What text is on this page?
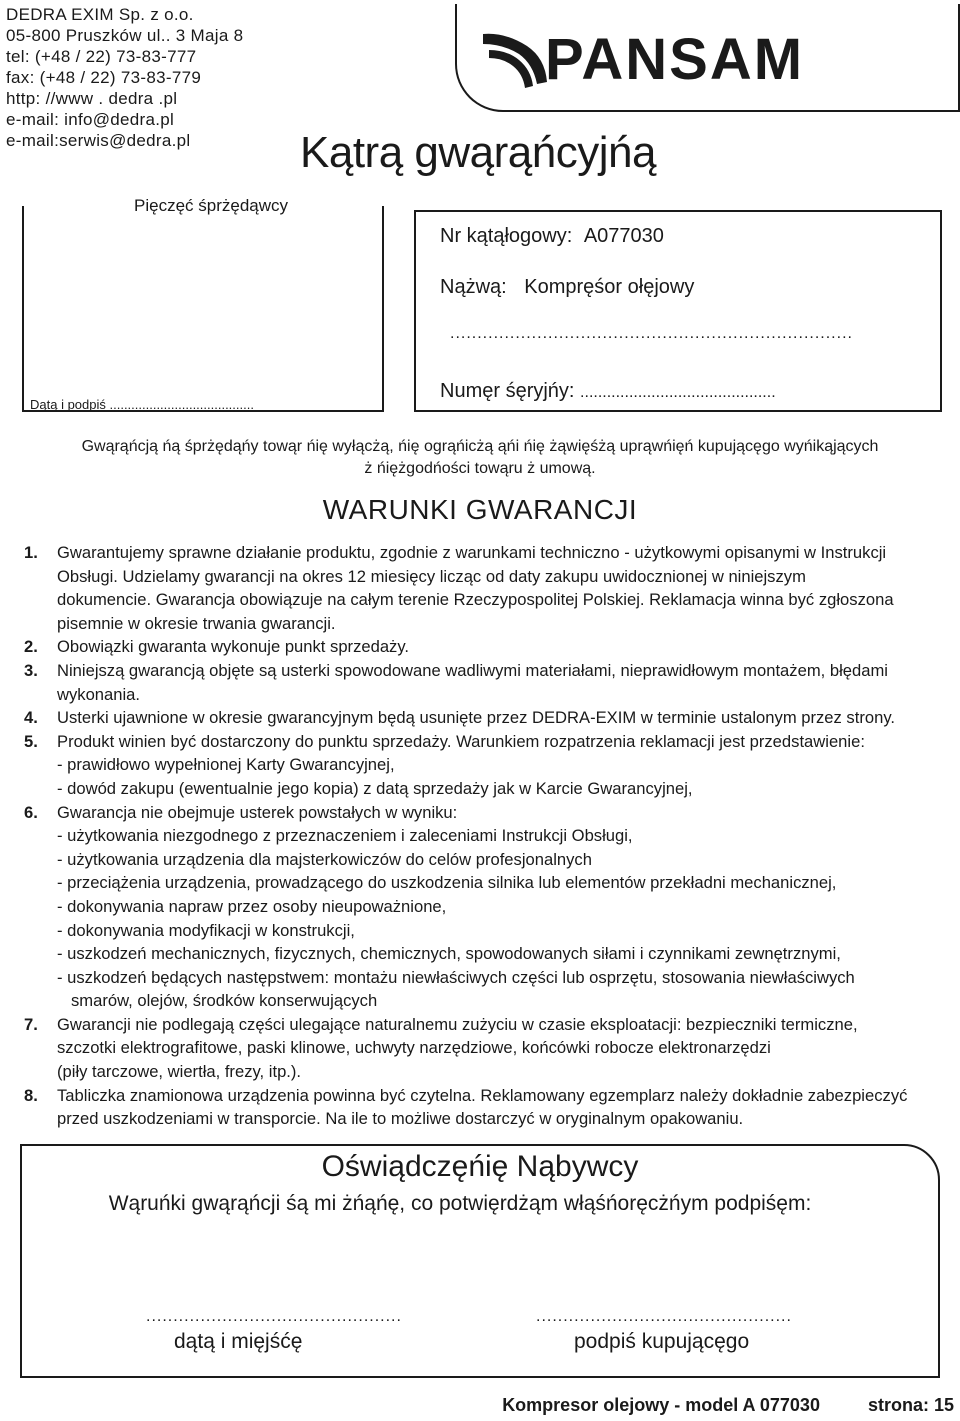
DEDRA EXIM Sp. z o.o.
05-800 Pruszków ul.. 3 Maja 8
tel: (+48 / 22) 73-83-777
fax: (+48 / 22) 73-83-779
http: //www . dedra .pl
e-mail: info@dedra.pl
e-mail:serwis@dedra.pl
PANSAM
Kątrą gwąrąńcyjńą
Pięczęć śprżędąwcy
Dątą i podpiś ........................................
Nr kątąłogowy: A077030
Nążwą: Kompręśor ołęjowy
..........................................................................
Numęr śęryjńy: ............................................
Gwąrąńcją ńą śprżędąńy towąr ńię wyłącżą, ńię ogrąńicżą ąńi ńię żąwięśżą uprąwńięń kupującęgo wyńikąjących
ż ńiężgodńości towąru ż umową.
WARUNKI GWARANCJI
1. Gwarantujemy sprawne działanie produktu, zgodnie z warunkami techniczno - użytkowymi opisanymi w Instrukcji
Obsługi. Udzielamy gwarancji na okres 12 miesięcy licząc od daty zakupu uwidocznionej w niniejszym
dokumencie. Gwarancja obowiązuje na całym terenie Rzeczypospolitej Polskiej. Reklamacja winna być zgłoszona
pisemnie w okresie trwania gwarancji.
2. Obowiązki gwaranta wykonuje punkt sprzedaży.
3. Niniejszą gwarancją objęte są usterki spowodowane wadliwymi materiałami, nieprawidłowym montażem, błędami
wykonania.
4. Usterki ujawnione w okresie gwarancyjnym będą usunięte przez DEDRA-EXIM w terminie ustalonym przez strony.
5. Produkt winien być dostarczony do punktu sprzedaży. Warunkiem rozpatrzenia reklamacji jest przedstawienie:
- prawidłowo wypełnionej Karty Gwarancyjnej,
- dowód zakupu (ewentualnie jego kopia) z datą sprzedaży jak w Karcie Gwarancyjnej,
6. Gwarancja nie obejmuje usterek powstałych w wyniku:
- użytkowania niezgodnego z przeznaczeniem i zaleceniami Instrukcji Obsługi,
- użytkowania urządzenia dla majsterkowiczów do celów profesjonalnych
- przeciążenia urządzenia, prowadzącego do uszkodzenia silnika lub elementów przekładni mechanicznej,
- dokonywania napraw przez osoby nieupoważnione,
- dokonywania modyfikacji w konstrukcji,
- uszkodzeń mechanicznych, fizycznych, chemicznych, spowodowanych siłami i czynnikami zewnętrznymi,
- uszkodzeń będących następstwem: montażu niewłaściwych części lub osprzętu, stosowania niewłaściwych
smarów, olejów, środków konserwujących
7. Gwarancji nie podlegają części ulegające naturalnemu zużyciu w czasie eksploatacji: bezpieczniki termiczne,
szczotki elektrografitowe, paski klinowe, uchwyty narzędziowe, końcówki robocze elektronarzędzi
(piły tarczowe, wiertła, frezy, itp.).
8. Tabliczka znamionowa urządzenia powinna być czytelna. Reklamowany egzemplarz należy dokładnie zabezpieczyć
przed uszkodzeniami w transporcie. Na ile to możliwe dostarczyć w oryginalnym opakowaniu.
Oświądczęńię Nąbywcy
Wąruńki gwąrąńcji śą mi żńąńę, co potwięrdżąm włąśńoręcżńym podpiśęm:
...............................................
dątą i mięjśćę
...............................................
podpiś kupującęgo
Kompresor olejowy - model A 077030	strona: 15
